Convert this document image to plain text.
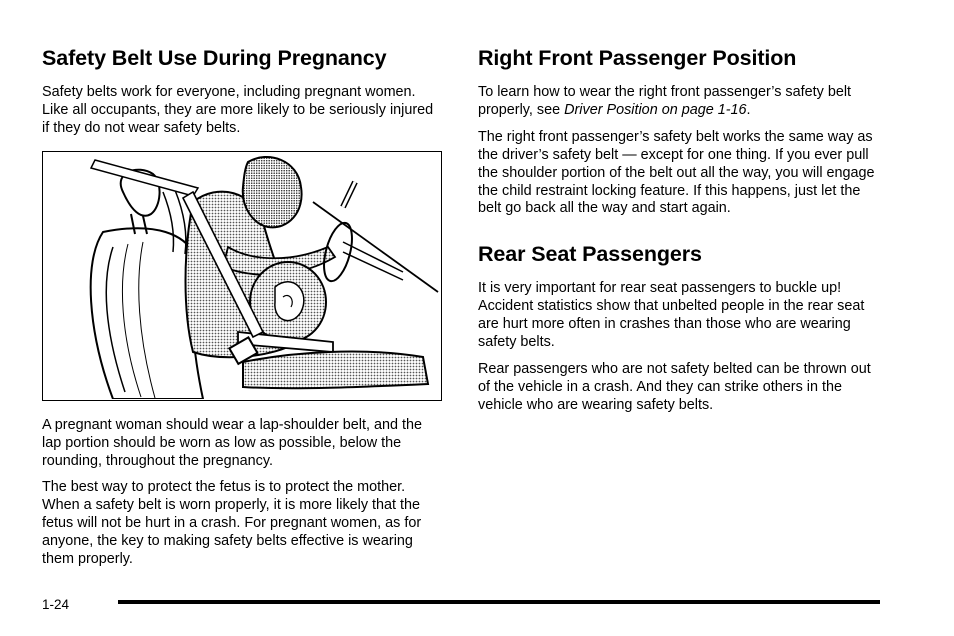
Safety Belt Use During Pregnancy

Safety belts work for everyone, including pregnant women. Like all occupants, they are more likely to be seriously injured if they do not wear safety belts.

A pregnant woman should wear a lap-shoulder belt, and the lap portion should be worn as low as possible, below the rounding, throughout the pregnancy.

The best way to protect the fetus is to protect the mother. When a safety belt is worn properly, it is more likely that the fetus will not be hurt in a crash. For pregnant women, as for anyone, the key to making safety belts effective is wearing them properly.

Right Front Passenger Position

To learn how to wear the right front passenger’s safety belt properly, see Driver Position on page 1-16.

The right front passenger’s safety belt works the same way as the driver’s safety belt — except for one thing. If you ever pull the shoulder portion of the belt out all the way, you will engage the child restraint locking feature. If this happens, just let the belt go back all the way and start again.

Rear Seat Passengers

It is very important for rear seat passengers to buckle up! Accident statistics show that unbelted people in the rear seat are hurt more often in crashes than those who are wearing safety belts.

Rear passengers who are not safety belted can be thrown out of the vehicle in a crash. And they can strike others in the vehicle who are wearing safety belts.

1-24
